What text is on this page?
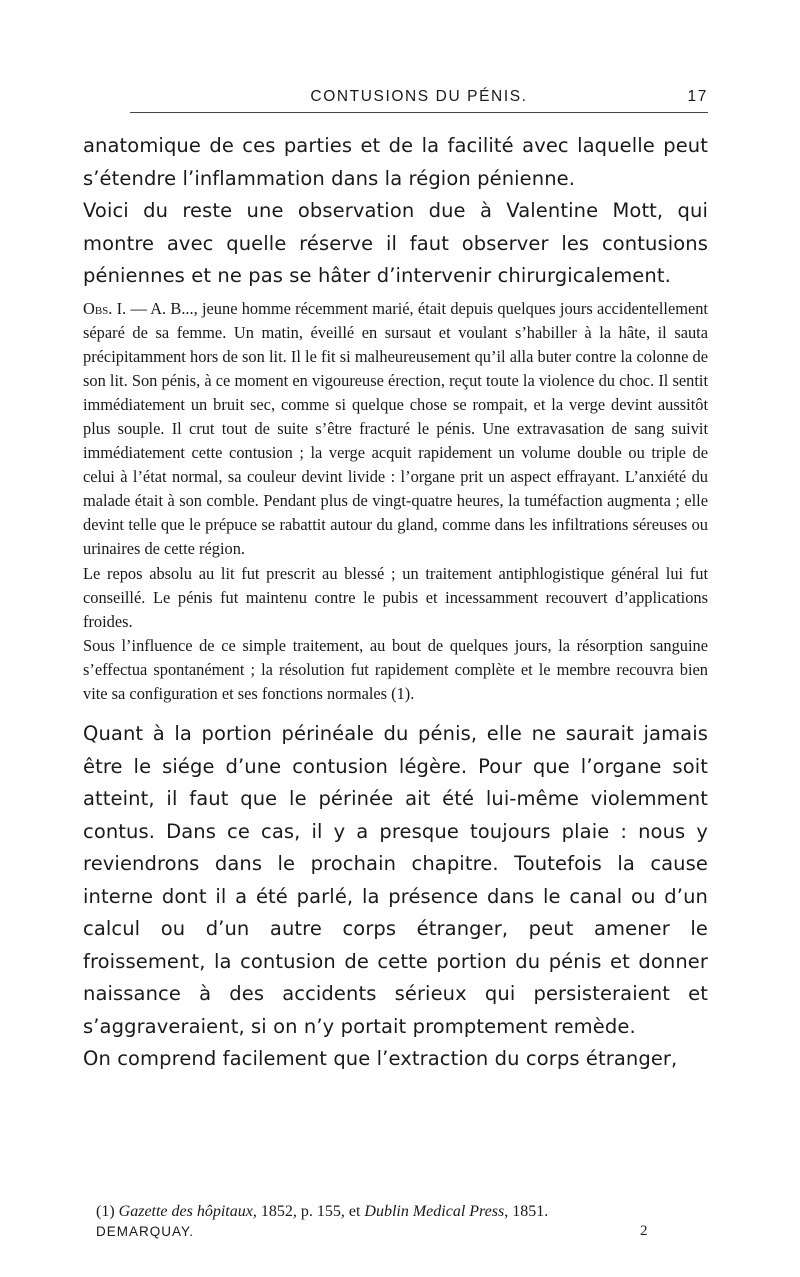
CONTUSIONS DU PÉNIS.	17

anatomique de ces parties et de la facilité avec laquelle peut s’étendre l’inflammation dans la région pénienne.

Voici du reste une observation due à Valentine Mott, qui montre avec quelle réserve il faut observer les contusions péniennes et ne pas se hâter d’intervenir chirurgicalement.

Obs. I. — A. B..., jeune homme récemment marié, était depuis quelques jours accidentellement séparé de sa femme. Un matin, éveillé en sursaut et voulant s’habiller à la hâte, il sauta précipitamment hors de son lit. Il le fit si malheureusement qu’il alla buter contre la colonne de son lit. Son pénis, à ce moment en vigoureuse érection, reçut toute la violence du choc. Il sentit immédiatement un bruit sec, comme si quelque chose se rompait, et la verge devint aussitôt plus souple. Il crut tout de suite s’être fracturé le pénis. Une extravasation de sang suivit immédiatement cette contusion ; la verge acquit rapidement un volume double ou triple de celui à l’état normal, sa couleur devint livide : l’organe prit un aspect effrayant. L’anxiété du malade était à son comble. Pendant plus de vingt-quatre heures, la tuméfaction augmenta ; elle devint telle que le prépuce se rabattit autour du gland, comme dans les infiltrations séreuses ou urinaires de cette région.

Le repos absolu au lit fut prescrit au blessé ; un traitement antiphlogistique général lui fut conseillé. Le pénis fut maintenu contre le pubis et incessamment recouvert d’applications froides.

Sous l’influence de ce simple traitement, au bout de quelques jours, la résorption sanguine s’effectua spontanément ; la résolution fut rapidement complète et le membre recouvra bien vite sa configuration et ses fonctions normales (1).

Quant à la portion périnéale du pénis, elle ne saurait jamais être le siége d’une contusion légère. Pour que l’organe soit atteint, il faut que le périnée ait été lui-même violemment contus. Dans ce cas, il y a presque toujours plaie : nous y reviendrons dans le prochain chapitre. Toutefois la cause interne dont il a été parlé, la présence dans le canal ou d’un calcul ou d’un autre corps étranger, peut amener le froissement, la contusion de cette portion du pénis et donner naissance à des accidents sérieux qui persisteraient et s’aggraveraient, si on n’y portait promptement remède.

On comprend facilement que l’extraction du corps étranger,

(1) Gazette des hôpitaux, 1852, p. 155, et Dublin Medical Press, 1851.
DEMARQUAY.	2
